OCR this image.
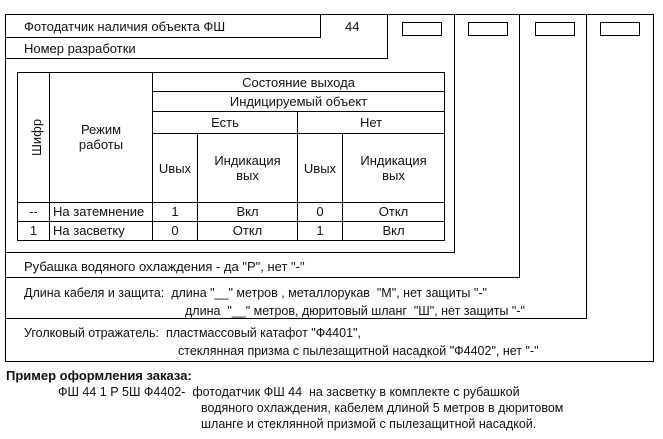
Фотодатчик наличия объекта ФШ	44
Номер разработки
Шифр	Режим работы	Состояние выхода			
		Индицируемый объект			
		Есть		Нет	
		Uвых	Индикация вых	Uвых	Индикация вых

--	На затемнение	1	Вкл	0	Откл
1	На засветку	0	Откл	1	Вкл
Рубашка водяного охлаждения - да "Р", нет "-"
Длина кабеля и защита:  длина "__" метров , металлорукав  "М", нет защиты "-"
длина  "__" метров, дюритовый шланг  "Ш", нет защиты "-"
Уголковый отражатель:  пластмассовый катафот "Ф4401",
стеклянная призма с пылезащитной насадкой "Ф4402", нет "-"
Пример оформления заказа:
ФШ 44 1 Р 5Ш Ф4402-  фотодатчик ФШ 44  на засветку в комплекте с рубашкой
водяного охлаждения, кабелем длиной 5 метров в дюритовом
шланге и стеклянной призмой с пылезащитной насадкой.
